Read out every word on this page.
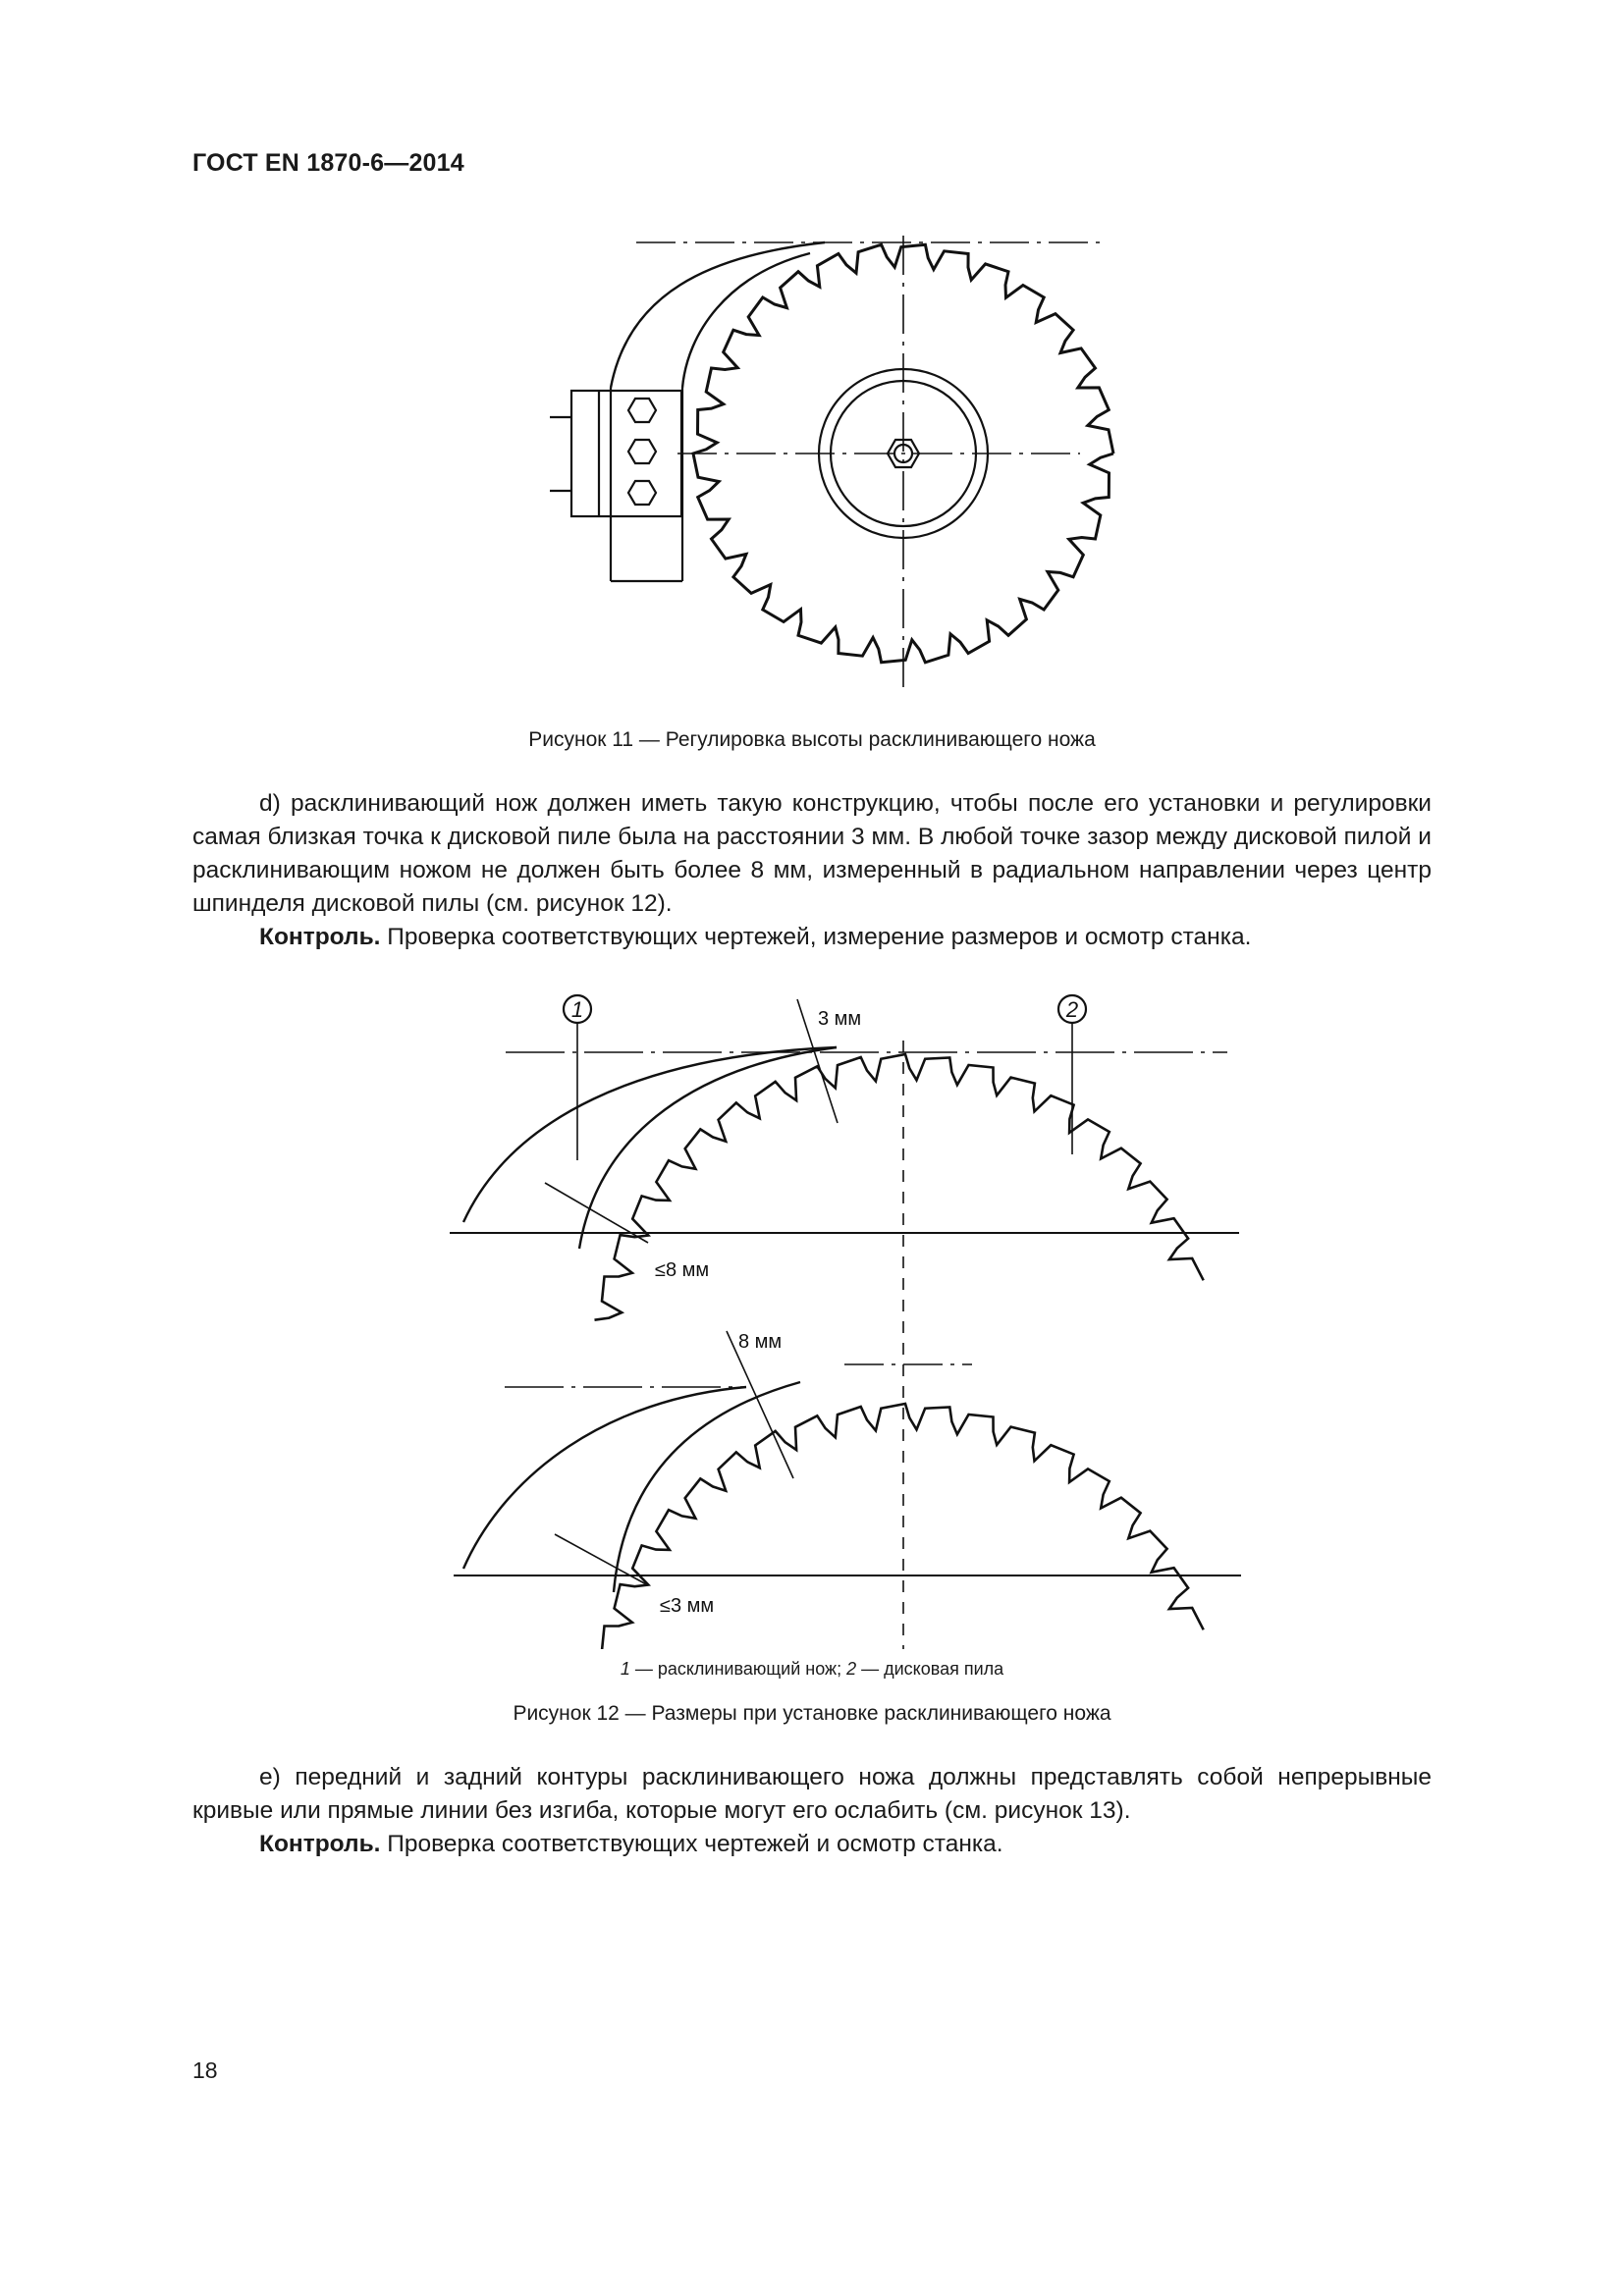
ГОСТ EN 1870-6—2014
Рисунок 11 — Регулировка высоты расклинивающего ножа

d) расклинивающий нож должен иметь такую конструкцию, чтобы после его установки и регулировки самая близкая точка к дисковой пиле была на расстоянии 3 мм. В любой точке зазор между дисковой пилой и расклинивающим ножом не должен быть более 8 мм, измеренный в радиальном направлении через центр шпинделя дисковой пилы (см. рисунок 12).

Контроль. Проверка соответствующих чертежей, измерение размеров и осмотр станка.

1	2
3 мм
≤8 мм
8 мм
≤3 мм
1 — расклинивающий нож; 2 — дисковая пила
Рисунок 12 — Размеры при установке расклинивающего ножа

e) передний и задний контуры расклинивающего ножа должны представлять собой непрерывные кривые или прямые линии без изгиба, которые могут его ослабить (см. рисунок 13).

Контроль. Проверка соответствующих чертежей и осмотр станка.

18
